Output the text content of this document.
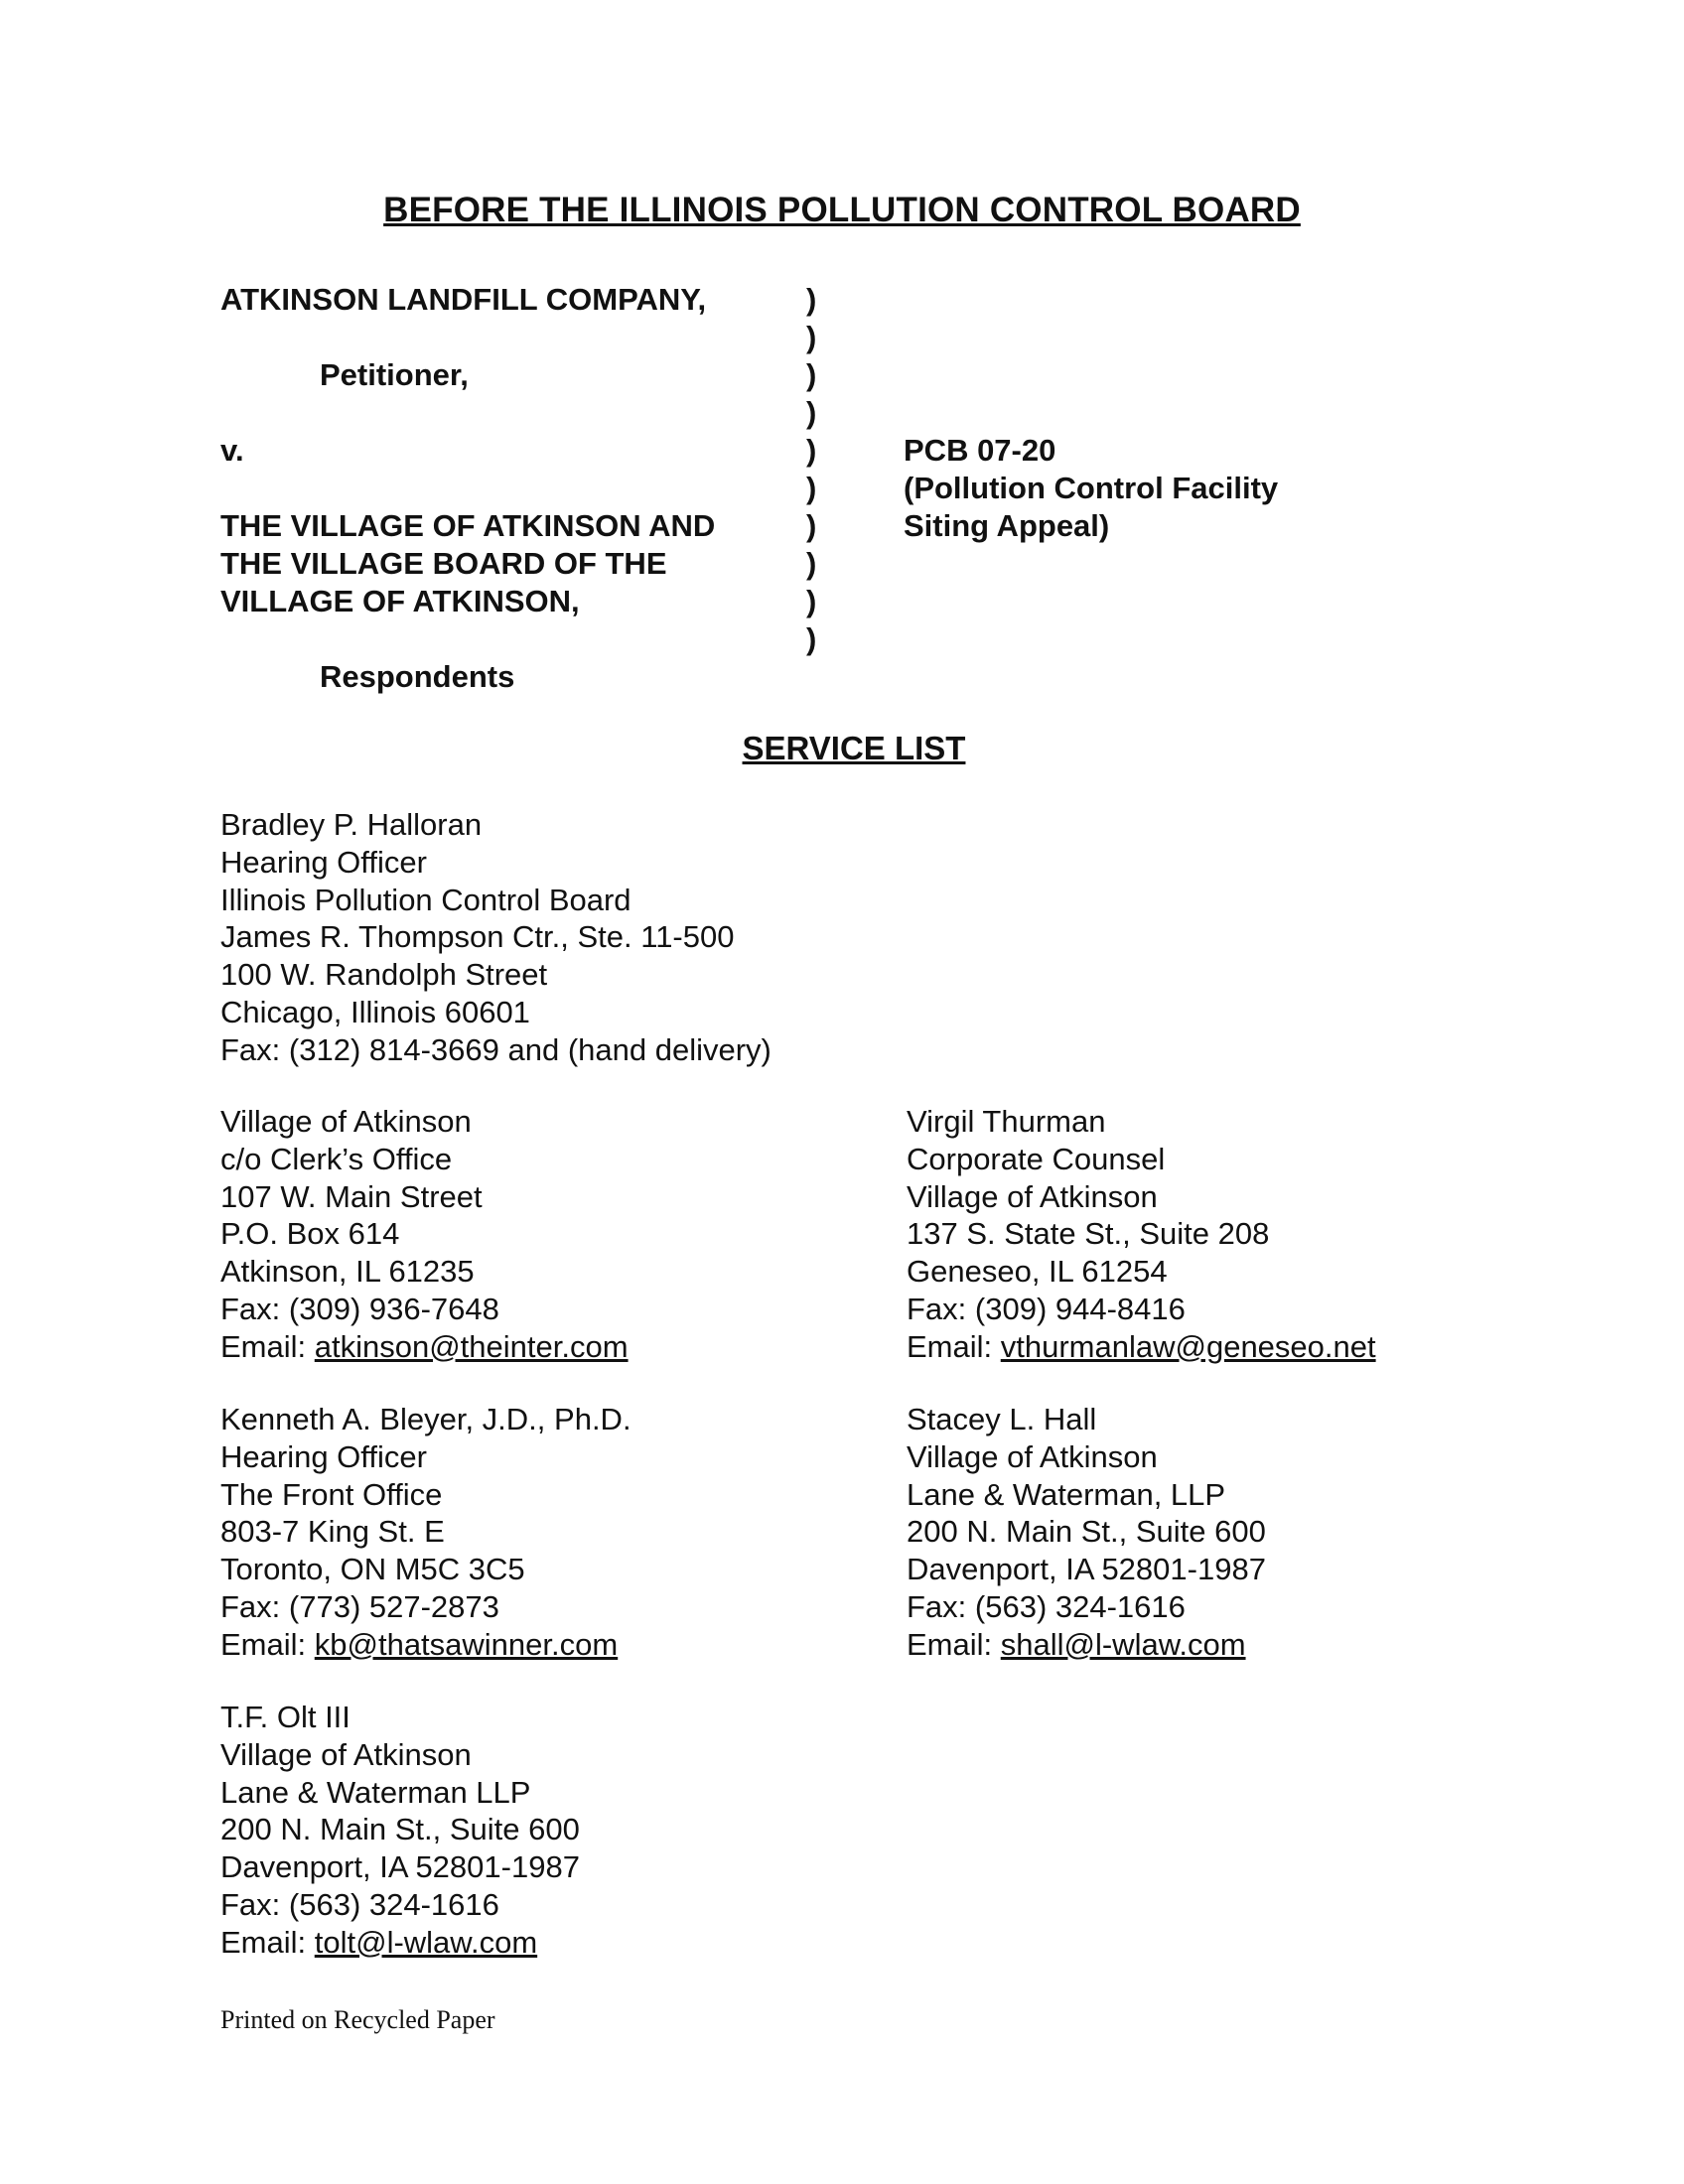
BEFORE THE ILLINOIS POLLUTION CONTROL BOARD
ATKINSON LANDFILL COMPANY,
Petitioner,
v.
THE VILLAGE OF ATKINSON AND
THE VILLAGE BOARD OF THE
VILLAGE OF ATKINSON,
Respondents
)
)
)
)
)
)
)
)
)
)
PCB 07-20
(Pollution Control Facility
Siting Appeal)
SERVICE LIST
Bradley P. Halloran
Hearing Officer
Illinois Pollution Control Board
James R. Thompson Ctr., Ste. 11-500
100 W. Randolph Street
Chicago, Illinois 60601
Fax: (312) 814-3669 and (hand delivery)
Village of Atkinson
c/o Clerk’s Office
107 W. Main Street
P.O. Box 614
Atkinson, IL 61235
Fax: (309) 936-7648
Email: atkinson@theinter.com
Virgil Thurman
Corporate Counsel
Village of Atkinson
137 S. State St., Suite 208
Geneseo, IL 61254
Fax: (309) 944-8416
Email: vthurmanlaw@geneseo.net
Kenneth A. Bleyer, J.D., Ph.D.
Hearing Officer
The Front Office
803-7 King St. E
Toronto, ON M5C 3C5
Fax: (773) 527-2873
Email: kb@thatsawinner.com
Stacey L. Hall
Village of Atkinson
Lane & Waterman, LLP
200 N. Main St., Suite 600
Davenport, IA 52801-1987
Fax: (563) 324-1616
Email: shall@l-wlaw.com
T.F. Olt III
Village of Atkinson
Lane & Waterman LLP
200 N. Main St., Suite 600
Davenport, IA 52801-1987
Fax: (563) 324-1616
Email: tolt@l-wlaw.com
Printed on Recycled Paper
